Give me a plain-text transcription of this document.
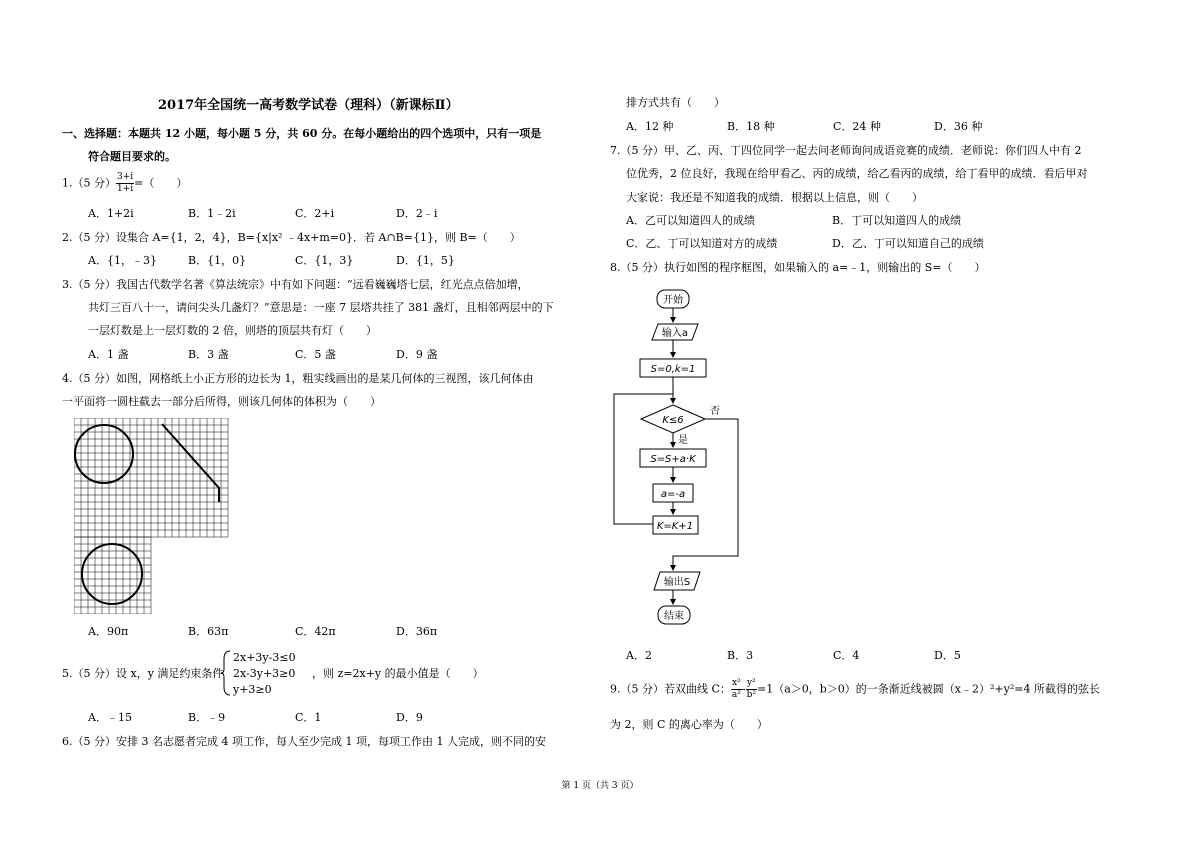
2017年全国统一高考数学试卷（理科）（新课标Ⅱ）
一、选择题：本题共 12 小题，每小题 5 分，共 60 分。在每小题给出的四个选项中，只有一项是
符合题目要求的。
1.（5 分） $\frac{3+i}{1+i}$ =（　　）
A．1+2i	B．1﹣2i	C．2+i	D．2﹣i
2.（5 分）设集合 A={1，2，4}，B={x|x² ﹣4x+m=0}．若 A∩B={1}，则 B=（　　）
A．{1，﹣3}	B．{1，0}	C．{1，3}	D．{1，5}
3.（5 分）我国古代数学名著《算法统宗》中有如下问题：“远看巍巍塔七层，红光点点倍加增，
共灯三百八十一，请问尖头几盏灯？”意思是：一座 7 层塔共挂了 381 盏灯，且相邻两层中的下
一层灯数是上一层灯数的 2 倍，则塔的顶层共有灯（　　）
A．1 盏	B．3 盏	C．5 盏	D．9 盏
4.（5 分）如图，网格纸上小正方形的边长为 1，粗实线画出的是某几何体的三视图，该几何体由
一平面将一圆柱截去一部分后所得，则该几何体的体积为（　　）
A．90π	B．63π	C．42π	D．36π
5.（5 分）设 x，y 满足约束条件
2x+3y-3≤0
2x-3y+3≥0
y+3≥0
，则 z=2x+y 的最小值是（　　）
A．﹣15	B．﹣9	C．1	D．9
6.（5 分）安排 3 名志愿者完成 4 项工作，每人至少完成 1 项，每项工作由 1 人完成，则不同的安
排方式共有（　　）
A．12 种	B．18 种	C．24 种	D．36 种
7.（5 分）甲、乙、丙、丁四位同学一起去问老师询问成语竞赛的成绩．老师说：你们四人中有 2
位优秀，2 位良好，我现在给甲看乙、丙的成绩，给乙看丙的成绩，给丁看甲的成绩．看后甲对
大家说：我还是不知道我的成绩．根据以上信息，则（　　）
A．乙可以知道四人的成绩	B．丁可以知道四人的成绩
C．乙、丁可以知道对方的成绩	D．乙、丁可以知道自己的成绩
8.（5 分）执行如图的程序框图，如果输入的 a=﹣1，则输出的 S=（　　）
开始
输入a
S=0,k=1
K≤6
否
是
S=S+a·K
a=-a
K=K+1
输出S
结束
A．2	B．3	C．4	D．5
9.（5 分）若双曲线 C： $\frac{\text{x²}}{\text{a²}} - \frac{\text{y²}}{\text{b²}} =1(a>0$，b＞0）的一条渐近线被圆（x﹣2）²+y²=4 所截得的弦长
为 2，则 C 的离心率为（　　）
第 1 页（共 3 页）
